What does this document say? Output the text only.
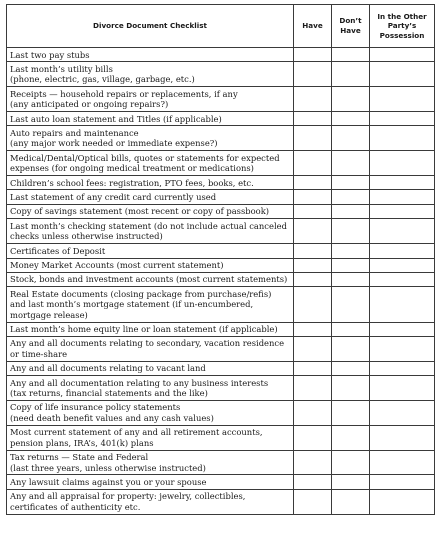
Divorce Document Checklist	Have	Don’t Have	In the Other Party’s Possession

Last two pay stubs			

Last month’s utility bills
(phone, electric, gas, village, garbage, etc.)			

Receipts — household repairs or replacements, if any
(any anticipated or ongoing repairs?)			

Last auto loan statement and Titles (if applicable)			

Auto repairs and maintenance
(any major work needed or immediate expense?)			

Medical/Dental/Optical bills, quotes or statements for expected
expenses (for ongoing medical treatment or medications)			

Children’s school fees: registration, PTO fees, books, etc.			

Last statement of any credit card currently used			

Copy of savings statement (most recent or copy of passbook)			

Last month’s checking statement (do not include actual canceled
checks unless otherwise instructed)			

Certificates of Deposit			

Money Market Accounts (most current statement)			

Stock, bonds and investment accounts (most current statements)			

Real Estate documents (closing package from purchase/refis)
and last month’s mortgage statement (if un-encumbered,
mortgage release)			

Last month’s home equity line or loan statement (if applicable)			

Any and all documents relating to secondary, vacation residence
or time-share			

Any and all documents relating to vacant land			

Any and all documentation relating to any business interests
(tax returns, financial statements and the like)			

Copy of life insurance policy statements
(need death benefit values and any cash values)			

Most current statement of any and all retirement accounts,
pension plans, IRA’s, 401(k) plans			

Tax returns — State and Federal
(last three years, unless otherwise instructed)			

Any lawsuit claims against you or your spouse			

Any and all appraisal for property: jewelry, collectibles,
certificates of authenticity etc.			
